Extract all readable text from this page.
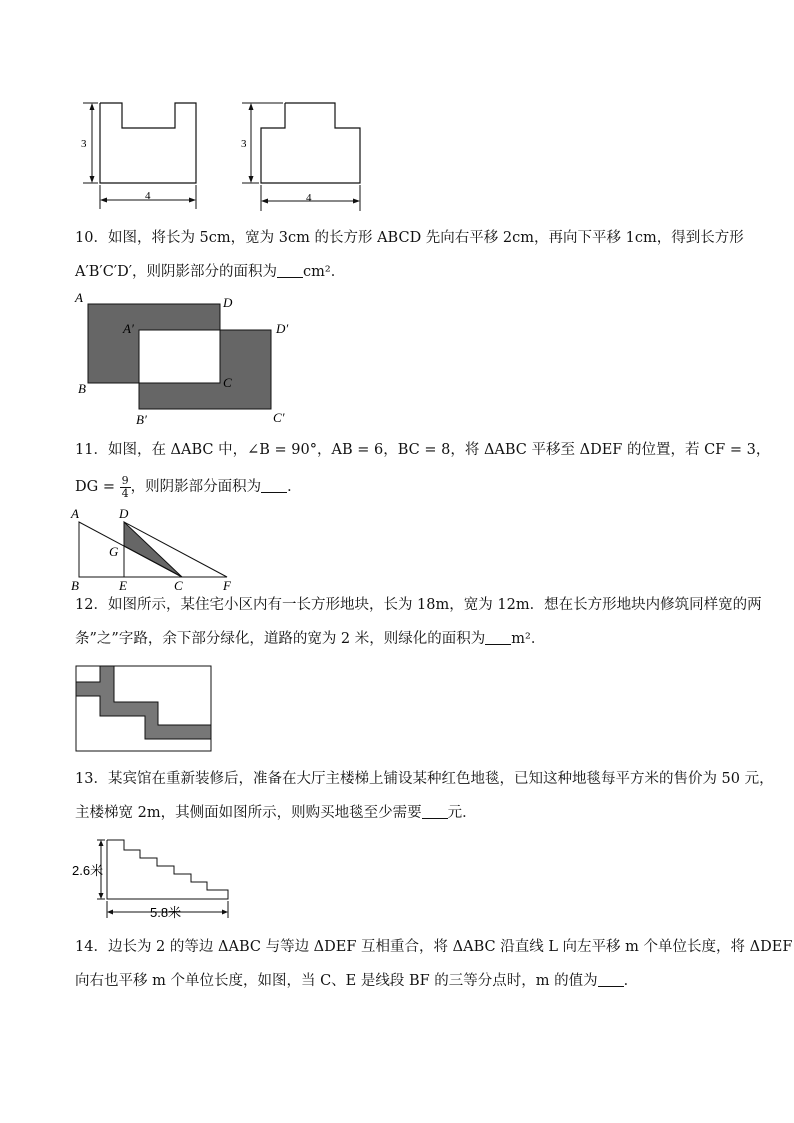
3
4
3
4

10．如图，将长为 5cm，宽为 3cm 的长方形 ABCD 先向右平移 2cm，再向下平移 1cm，得到长方形

A′B′C′D′，则阴影部分的面积为 cm²．

A	D
A′	D′
B	C
B′	C′

11．如图，在 ΔABC 中，∠B = 90°，AB = 6，BC = 8，将 ΔABC 平移至 ΔDEF 的位置，若 CF = 3，

DG = $\frac{9}{4}$ ，则阴影部分面积为 ．

A	D
G
B	E	C	F

12．如图所示，某住宅小区内有一长方形地块，长为 18m，宽为 12m．想在长方形地块内修筑同样宽的两

条”之”字路，余下部分绿化，道路的宽为 2 米，则绿化的面积为 m²．

13．某宾馆在重新装修后，准备在大厅主楼梯上铺设某种红色地毯，已知这种地毯每平方米的售价为 50 元，

主楼梯宽 2m，其侧面如图所示，则购买地毯至少需要 元．

2.6米
5.8米

14．边长为 2 的等边 ΔABC 与等边 ΔDEF 互相重合，将 ΔABC 沿直线 L 向左平移 m 个单位长度，将 ΔDEF

向右也平移 m 个单位长度，如图，当 C、E 是线段 BF 的三等分点时，m 的值为 ．
